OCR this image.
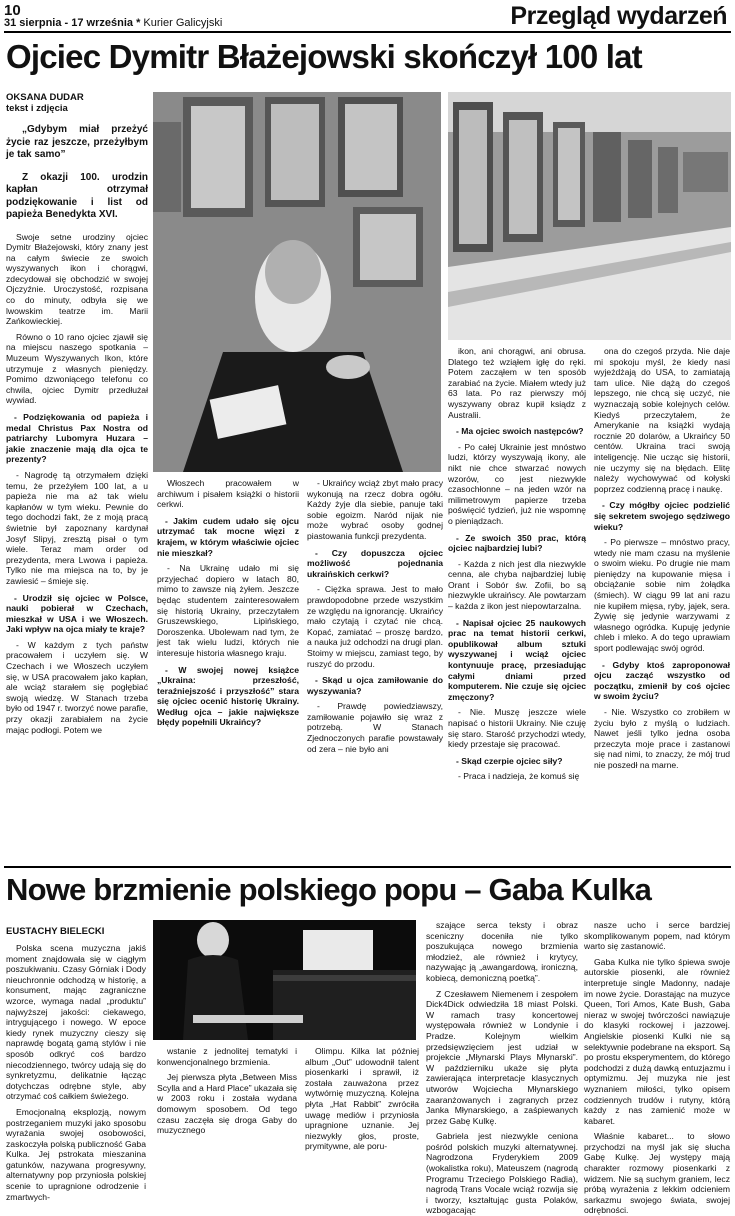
10
31 sierpnia - 17 września * Kurier Galicyjski	Przegląd wydarzeń
Ojciec Dymitr Błażejowski skończył 100 lat
OKSANA DUDAR
tekst i zdjęcia
„Gdybym miał przeżyć życie raz jeszcze, przeżyłbym je tak samo”
Z okazji 100. urodzin kapłan otrzymał podziękowanie i list od papieża Benedykta XVI.

Swoje setne urodziny ojciec Dymitr Błażejowski, który znany jest na całym świecie ze swoich wyszywanych ikon i chorągwi, zdecydował się obchodzić w swojej Ojczyźnie. Uroczystość, rozpisana co do minuty, odbyła się we lwowskim teatrze im. Marii Zańkowieckiej.

Równo o 10 rano ojciec zjawił się na miejscu naszego spotkania – Muzeum Wyszywanych Ikon, które utrzymuje z własnych pieniędzy. Pomimo dzwoniącego telefonu co chwila, ojciec Dymitr przedłużał wywiad.

- Podziękowania od papieża i medal Christus Pax Nostra od patriarchy Lubomyra Huzara – jakie znaczenie mają dla ojca te prezenty?

- Nagrodę tą otrzymałem dzięki temu, że przeżyłem 100 lat, a u papieża nie ma aż tak wielu kapłanów w tym wieku. Pewnie do tego dochodzi fakt, że z moją pracą świetnie był zapoznany kardynał Josyf Slipyj, zresztą pisał o tym wiele. Teraz mam order od prezydenta, mera Lwowa i papieża. Tylko nie ma miejsca na to, by je zawiesić – śmieje się.

- Urodził się ojciec w Polsce, nauki pobierał w Czechach, mieszkał w USA i we Włoszech. Jaki wpływ na ojca miały te kraje?

- W każdym z tych państw pracowałem i uczyłem się. W Czechach i we Włoszech uczyłem się, w USA pracowałem jako kapłan, ale wciąż starałem się pogłębiać swoją wiedzę. W Stanach trzeba było od 1947 r. tworzyć nowe parafie, przy okazji zarabiałem na życie mając podłogi. Potem we

Włoszech pracowałem w archiwum i pisałem książki o historii cerkwi.

- Jakim cudem udało się ojcu utrzymać tak mocne więzi z krajem, w którym właściwie ojciec nie mieszkał?

- Na Ukrainę udało mi się przyjechać dopiero w latach 80, mimo to zawsze nią żyłem. Jeszcze będąc studentem zainteresowałem się historią Ukrainy, przeczytałem Gruszewskiego, Lipińskiego, Doroszenka. Ubolewam nad tym, że jest tak wielu ludzi, których nie interesuje historia własnego kraju.

- W swojej nowej książce „Ukraina: przeszłość, teraźniejszość i przyszłość” stara się ojciec ocenić historię Ukrainy. Według ojca – jakie największe błędy popełnili Ukraińcy?

- Ukraińcy wciąż zbyt mało pracy wykonują na rzecz dobra ogółu. Każdy żyje dla siebie, panuje taki sobie egoizm. Naród nijak nie może wybrać osoby godnej piastowania funkcji prezydenta.

- Czy dopuszcza ojciec możliwość pojednania ukraińskich cerkwi?

- Ciężka sprawa. Jest to mało prawdopodobne przede wszystkim ze względu na ignorancję. Ukraińcy mało czytają i czytać nie chcą. Kopać, zamiatać – proszę bardzo, a nauka już odchodzi na drugi plan. Stoimy w miejscu, zamiast tego, by ruszyć do przodu.

- Skąd u ojca zamiłowanie do wyszywania?

- Prawdę powiedziawszy, zamiłowanie pojawiło się wraz z potrzebą. W Stanach Zjednoczonych parafie powstawały od zera – nie było ani

ikon, ani chorągwi, ani obrusa. Dlatego też wziąłem igłę do ręki. Potem zacząłem w ten sposób zarabiać na życie. Miałem wtedy już 63 lata. Po raz pierwszy mój wyszywany obraz kupił ksiądz z Australii.

- Ma ojciec swoich następców?

- Po całej Ukrainie jest mnóstwo ludzi, którzy wyszywają ikony, ale nikt nie chce stwarzać nowych wzorów, co jest niezwykle czasochłonne – na jeden wzór na milimetrowym papierze trzeba poświęcić tydzień, już nie wspomnę o pieniądzach.

- Ze swoich 350 prac, którą ojciec najbardziej lubi?

- Każda z nich jest dla niezwykle cenna, ale chyba najbardziej lubię Orant i Sobór św. Zofii, bo są niezwykle ukraińscy. Ale powtarzam – każda z ikon jest niepowtarzalna.

- Napisał ojciec 25 naukowych prac na temat historii cerkwi, opublikował album sztuki wyszywanej i wciąż ojciec kontynuuje pracę, przesiadując całymi dniami przed komputerem. Nie czuje się ojciec zmęczony?

- Nie. Muszę jeszcze wiele napisać o historii Ukrainy. Nie czuję się staro. Starość przychodzi wtedy, kiedy przestaje się pracować.

- Skąd czerpie ojciec siły?

- Praca i nadzieja, że komuś się

ona do czegoś przyda. Nie daje mi spokoju myśl, że kiedy nasi wyjeżdżają do USA, to zamiatają tam ulice. Nie dążą do czegoś lepszego, nie chcą się uczyć, nie wyznaczają sobie kolejnych celów. Kiedyś przeczytałem, że Amerykanie na książki wydają rocznie 20 dolarów, a Ukraińcy 50 centów. Ukraina traci swoją inteligencję. Nie ucząc się historii, nie uczymy się na błędach. Elitę należy wychowywać od kołyski poprzez codzienną pracę i naukę.

- Czy mógłby ojciec podzielić się sekretem swojego sędziwego wieku?

- Po pierwsze – mnóstwo pracy, wtedy nie mam czasu na myślenie o swoim wieku. Po drugie nie mam pieniędzy na kupowanie mięsa i obciążanie sobie nim żołądka (śmiech). W ciągu 99 lat ani razu nie kupiłem mięsa, ryby, jajek, sera. Żywię się jedynie warzywami z własnego ogródka. Kupuję jedynie chleb i mleko. A do tego uprawiam sport podlewając swój ogród.

- Gdyby ktoś zaproponował ojcu zacząć wszystko od początku, zmienił by coś ojciec w swoim życiu?

- Nie. Wszystko co zrobiłem w życiu było z myślą o ludziach. Nawet jeśli tylko jedna osoba przeczyta moje prace i zastanowi się nad nimi, to znaczy, że mój trud nie poszedł na marne.

Nowe brzmienie polskiego popu – Gaba Kulka
EUSTACHY BIELECKI

Polska scena muzyczna jakiś moment znajdowała się w ciągłym poszukiwaniu. Czasy Górniak i Dody nieuchronnie odchodzą w historię, a konsument, mając zagraniczne wzorce, wymaga nadal „produktu” najwyższej jakości: ciekawego, intrygującego i nowego. W epoce kiedy rynek muzyczny cieszy się naprawdę bogatą gamą stylów i nie sposób odkryć coś bardzo niecodziennego, twórcy udają się do synkretyzmu, delikatnie łącząc dotychczas odrębne style, aby otrzymać coś całkiem świeżego.

Emocjonalną eksplozją, nowym postrzeganiem muzyki jako sposobu wyrażania swojej osobowości, zaskoczyła polską publiczność Gaba Kulka. Jej pstrokata mieszanina gatunków, nazywana progresywny, alternatywny pop przyniosła polskiej scenie to upragnione odrodzenie i zmartwych-

wstanie z jednolitej tematyki i konwencjonalnego brzmienia.

Jej pierwsza płyta „Between Miss Scylla and a Hard Place” ukazała się w 2003 roku i została wydana domowym sposobem. Od tego czasu zaczęła się droga Gaby do muzycznego

Olimpu. Kilka lat później album „Out” udowodnił talent piosenkarki i sprawił, iż została zauważona przez wytwórnię muzyczną. Kolejna płyta „Hat Rabbit” zwróciła uwagę mediów i przyniosła upragnione uznanie. Jej niezwykły głos, proste, prymitywne, ale poru-

szające serca teksty i obraz sceniczny doceniła nie tylko poszukująca nowego brzmienia młodzież, ale również i krytycy, nazywając ją „awangardową, ironiczną, kobiecą, demoniczną poetką”.

Z Czesławem Niemenem i zespołem Dick4Dick odwiedziła 18 miast Polski. W ramach trasy koncertowej występowała również w Londynie i Pradze. Kolejnym wielkim przedsięwzięciem jest udział w projekcie „Młynarski Plays Młynarski”. W październiku ukaże się płyta zawierająca interpretacje klasycznych utworów Wojciecha Młynarskiego zaaranżowanych i zagranych przez Janka Młynarskiego, a zaśpiewanych przez Gabę Kulkę.

Gabriela jest niezwykle ceniona pośród polskich muzyki alternatywnej. Nagrodzona Fryderykiem 2009 (wokalistka roku), Mateuszem (nagrodą Programu Trzeciego Polskiego Radia), nagrodą Trans Vocale wciąż rozwija się i tworzy, kształtując gusta Polaków, wzbogacając

nasze ucho i serce bardziej skomplikowanym popem, nad którym warto się zastanowić.

Gaba Kulka nie tylko śpiewa swoje autorskie piosenki, ale również interpretuje single Madonny, nadaje im nowe życie. Dorastając na muzyce Queen, Tori Amos, Kate Bush, Gaba nieraz w swojej twórczości nawiązuje do klasyki rockowej i jazzowej. Angielskie piosenki Kulki nie są selektywnie podebrane na eksport. Są po prostu eksperymentem, do którego podchodzi z dużą dawką entuzjazmu i optymizmu. Jej muzyka nie jest wyznaniem miłości, tylko opisem codziennych trudów i rutyny, którą każdy z nas zamienić może w kabaret.

Właśnie kabaret... to słowo przychodzi na myśl jak się słucha Gabę Kulkę. Jej występy mają charakter rozmowy piosenkarki z widzem. Nie są suchym graniem, lecz próbą wyrażenia z lekkim odcieniem sarkazmu swojego świata, swojej odrębności.
